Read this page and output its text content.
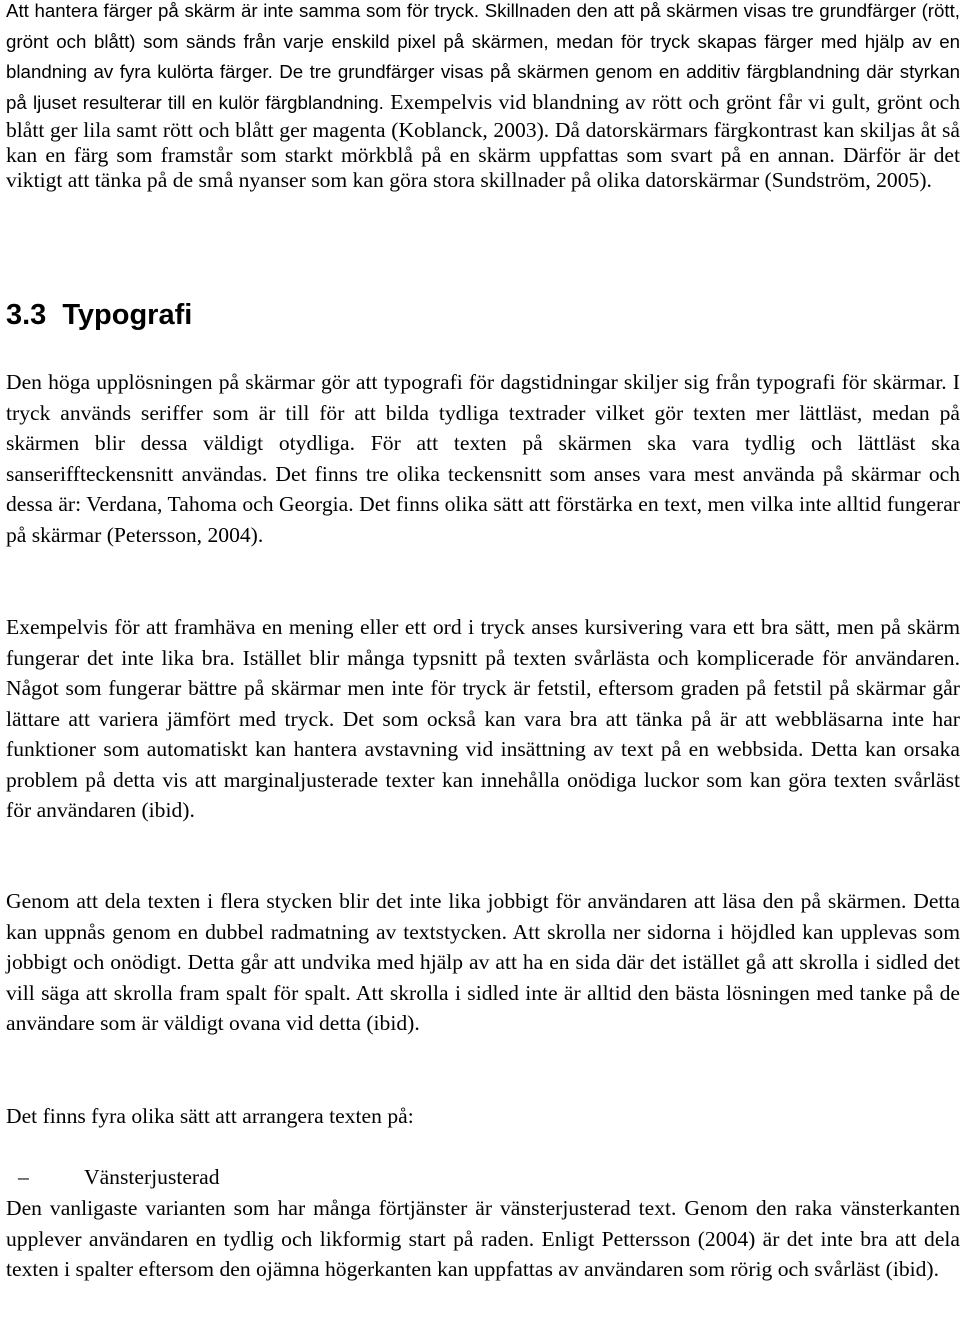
Att hantera färger på skärm är inte samma som för tryck. Skillnaden den att på skärmen visas tre grundfärger (rött, grönt och blått) som sänds från varje enskild pixel på skärmen, medan för tryck skapas färger med hjälp av en blandning av fyra kulörta färger. De tre grundfärger visas på skärmen genom en additiv färgblandning där styrkan på ljuset resulterar till en kulör färgblandning. Exempelvis vid blandning av rött och grönt får vi gult, grönt och blått ger lila samt rött och blått ger magenta (Koblanck, 2003). Då datorskärmars färgkontrast kan skiljas åt så kan en färg som framstår som starkt mörkblå på en skärm uppfattas som svart på en annan. Därför är det viktigt att tänka på de små nyanser som kan göra stora skillnader på olika datorskärmar (Sundström, 2005).

3.3 Typografi

Den höga upplösningen på skärmar gör att typografi för dagstidningar skiljer sig från typografi för skärmar. I tryck används seriffer som är till för att bilda tydliga textrader vilket gör texten mer lättläst, medan på skärmen blir dessa väldigt otydliga. För att texten på skärmen ska vara tydlig och lättläst ska sanseriffteckensnitt användas. Det finns tre olika teckensnitt som anses vara mest använda på skärmar och dessa är: Verdana, Tahoma och Georgia. Det finns olika sätt att förstärka en text, men vilka inte alltid fungerar på skärmar (Petersson, 2004).

Exempelvis för att framhäva en mening eller ett ord i tryck anses kursivering vara ett bra sätt, men på skärm fungerar det inte lika bra. Istället blir många typsnitt på texten svårlästa och komplicerade för användaren. Något som fungerar bättre på skärmar men inte för tryck är fetstil, eftersom graden på fetstil på skärmar går lättare att variera jämfört med tryck. Det som också kan vara bra att tänka på är att webbläsarna inte har funktioner som automatiskt kan hantera avstavning vid insättning av text på en webbsida. Detta kan orsaka problem på detta vis att marginaljusterade texter kan innehålla onödiga luckor som kan göra texten svårläst för användaren (ibid).

Genom att dela texten i flera stycken blir det inte lika jobbigt för användaren att läsa den på skärmen. Detta kan uppnås genom en dubbel radmatning av textstycken. Att skrolla ner sidorna i höjdled kan upplevas som jobbigt och onödigt. Detta går att undvika med hjälp av att ha en sida där det istället gå att skrolla i sidled det vill säga att skrolla fram spalt för spalt. Att skrolla i sidled inte är alltid den bästa lösningen med tanke på de användare som är väldigt ovana vid detta (ibid).

Det finns fyra olika sätt att arrangera texten på:

–	Vänsterjusterad

Den vanligaste varianten som har många förtjänster är vänsterjusterad text. Genom den raka vänsterkanten upplever användaren en tydlig och likformig start på raden. Enligt Pettersson (2004) är det inte bra att dela texten i spalter eftersom den ojämna högerkanten kan uppfattas av användaren som rörig och svårläst (ibid).
